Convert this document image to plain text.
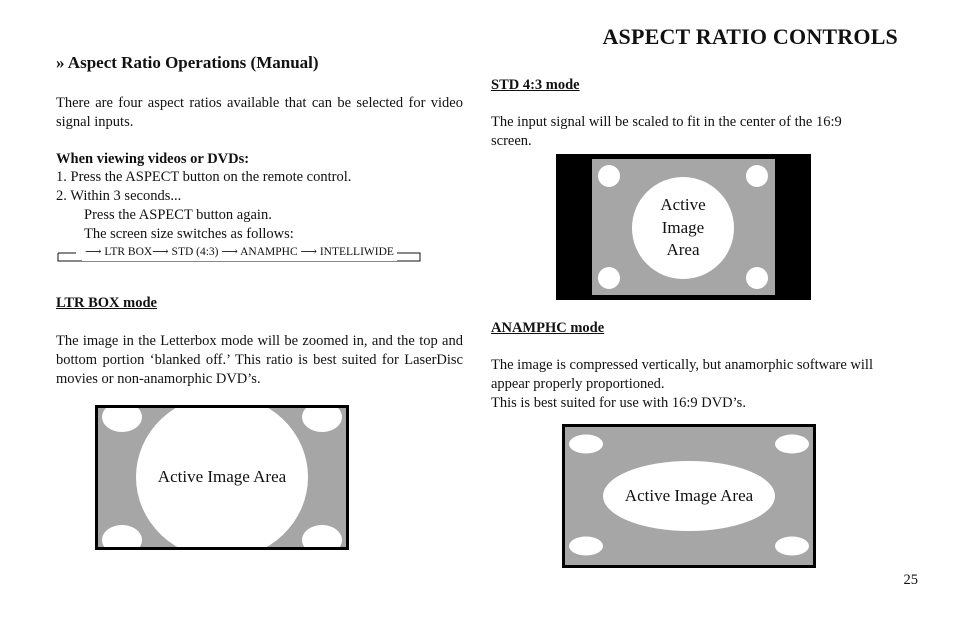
ASPECT RATIO CONTROLS
» Aspect Ratio Operations (Manual)
There are four aspect ratios available that can be selected for video signal inputs.
When viewing videos or DVDs:
1. Press the ASPECT button on the remote control.
2. Within 3 seconds...
Press the ASPECT button again.
The screen size switches as follows:
⟶ LTR BOX⟶ STD (4:3) ⟶ ANAMPHC ⟶ INTELLIWIDE
LTR BOX mode
The image in the Letterbox mode will be zoomed in, and the top and bottom portion ‘blanked off.’ This ratio is best suited for LaserDisc movies or non-anamorphic DVD’s.
Active Image Area
STD 4:3 mode
The input signal will be scaled to fit in the center of the 16:9 screen.
Active
Image
Area
ANAMPHC mode
The image is compressed vertically, but anamorphic software will appear properly proportioned.
This is best suited for use with 16:9 DVD’s.
Active Image Area
25
